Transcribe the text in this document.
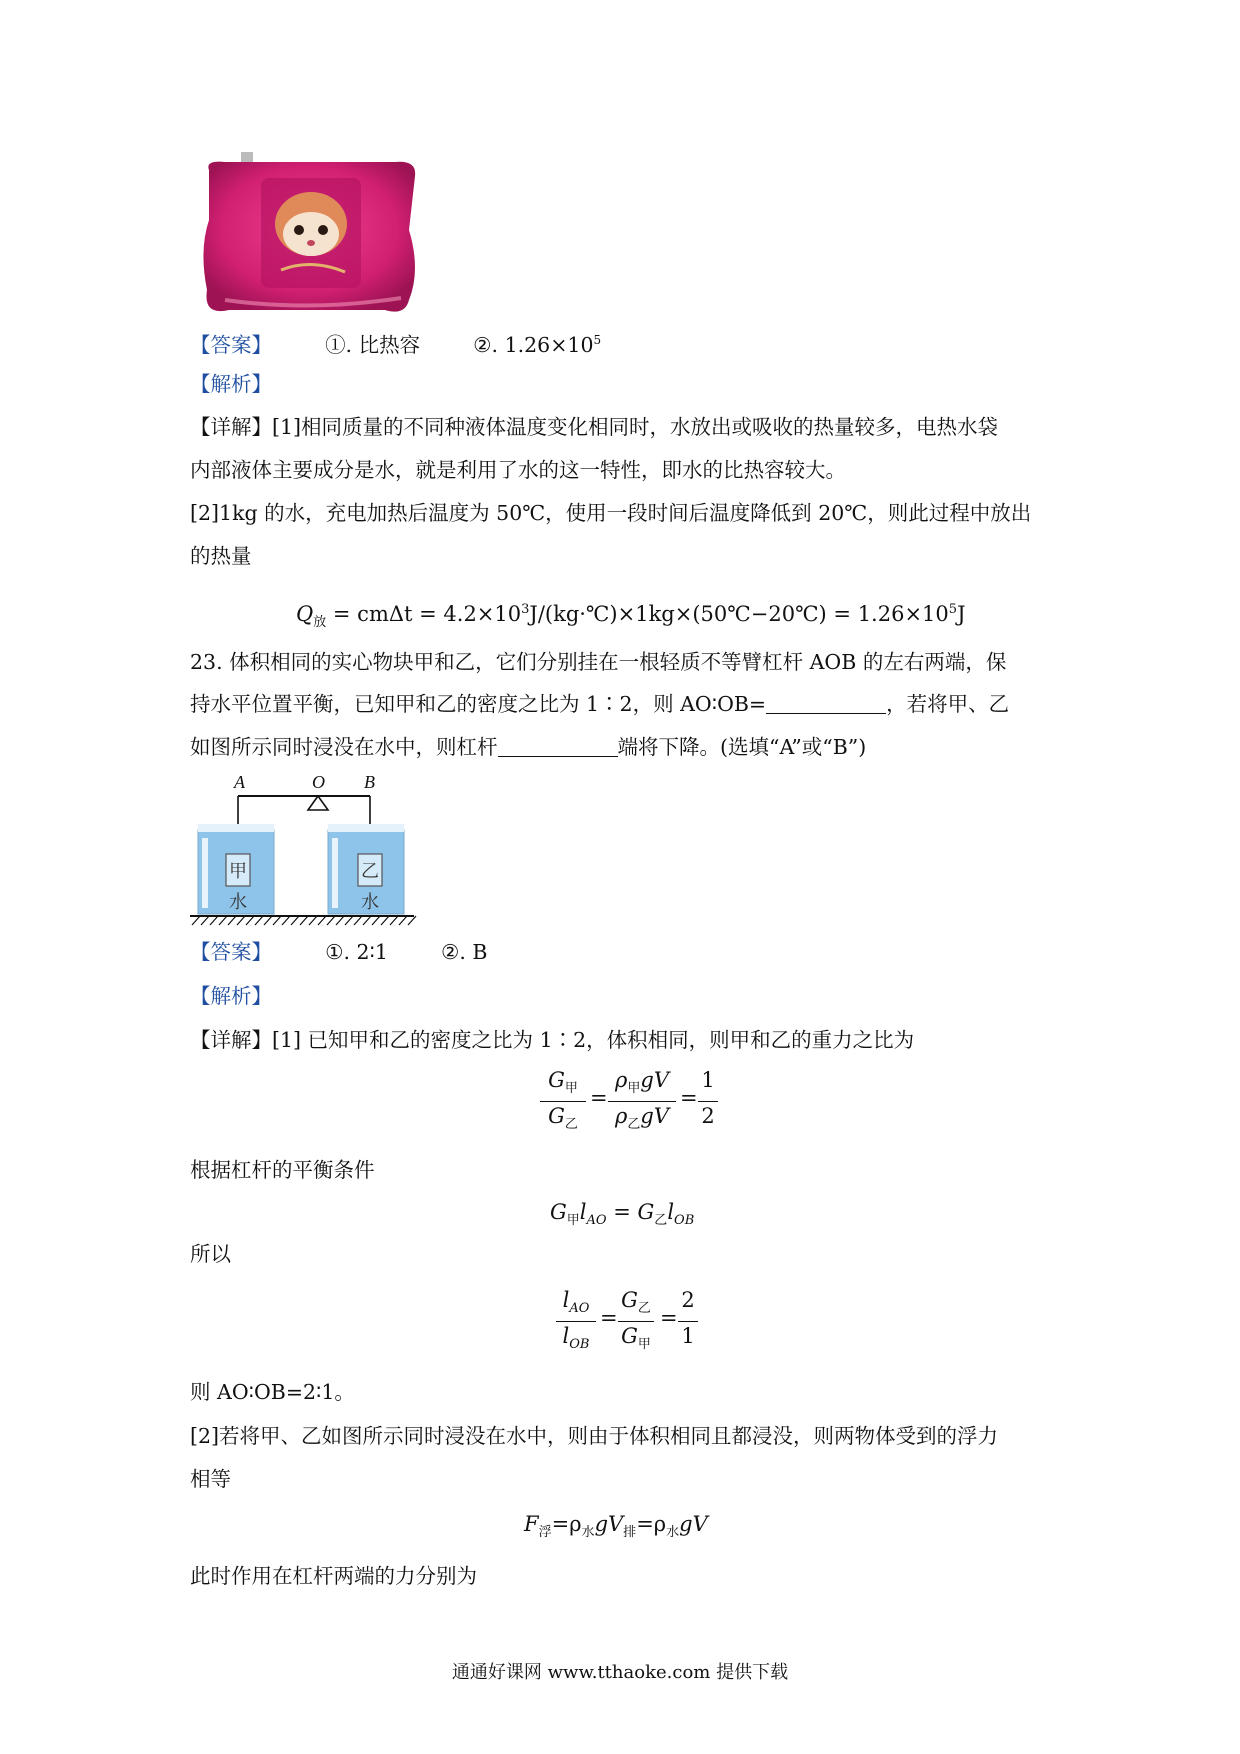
【答案】	①. 比热容	②. $1.26\times 10^5$
【解析】
【详解】[1]相同质量的不同种液体温度变化相同时，水放出或吸收的热量较多，电热水袋
内部液体主要成分是水，就是利用了水的这一特性，即水的比热容较大。
[2]1kg 的水，充电加热后温度为 50℃，使用一段时间后温度降低到 20℃，则此过程中放出
的热量
$Q_放 = cm\Delta t$ = $4.2\times 10^3J/(kg\cdot℃)\times 1kg\times(50℃-20℃) = 1.26\times 10^5J$
23. 体积相同的实心物块甲和乙，它们分别挂在一根轻质不等臂杠杆 AOB 的左右两端，保
持水平位置平衡，已知甲和乙的密度之比为 1∶2，则 AO∶OB=	，若将甲、乙
如图所示同时浸没在水中，则杠杆	端将下降。(选填“A”或“B”)
A	O B
甲
水
乙
水
【答案】	①. 2∶1	②. B
【解析】
【详解】[1] 已知甲和乙的密度之比为 1∶2，体积相同，则甲和乙的重力之比为
$G_甲$
$G_乙$
=
$\rho_甲gV$
$\rho_乙gV$
=
1
2
根据杠杆的平衡条件
$G_甲l_{AO} = G_乙l_{OB}$
所以
$l_{AO}$
$l_{OB}$
=
$G_乙$
$G_甲$
=
2
1
则 AO∶OB=2∶1。
[2]若将甲、乙如图所示同时浸没在水中，则由于体积相同且都浸没，则两物体受到的浮力
相等
$F_浮=\rho_水gV_排=\rho_水gV$
此时作用在杠杆两端的力分别为
通通好课网 www.tthaoke.com 提供下载
